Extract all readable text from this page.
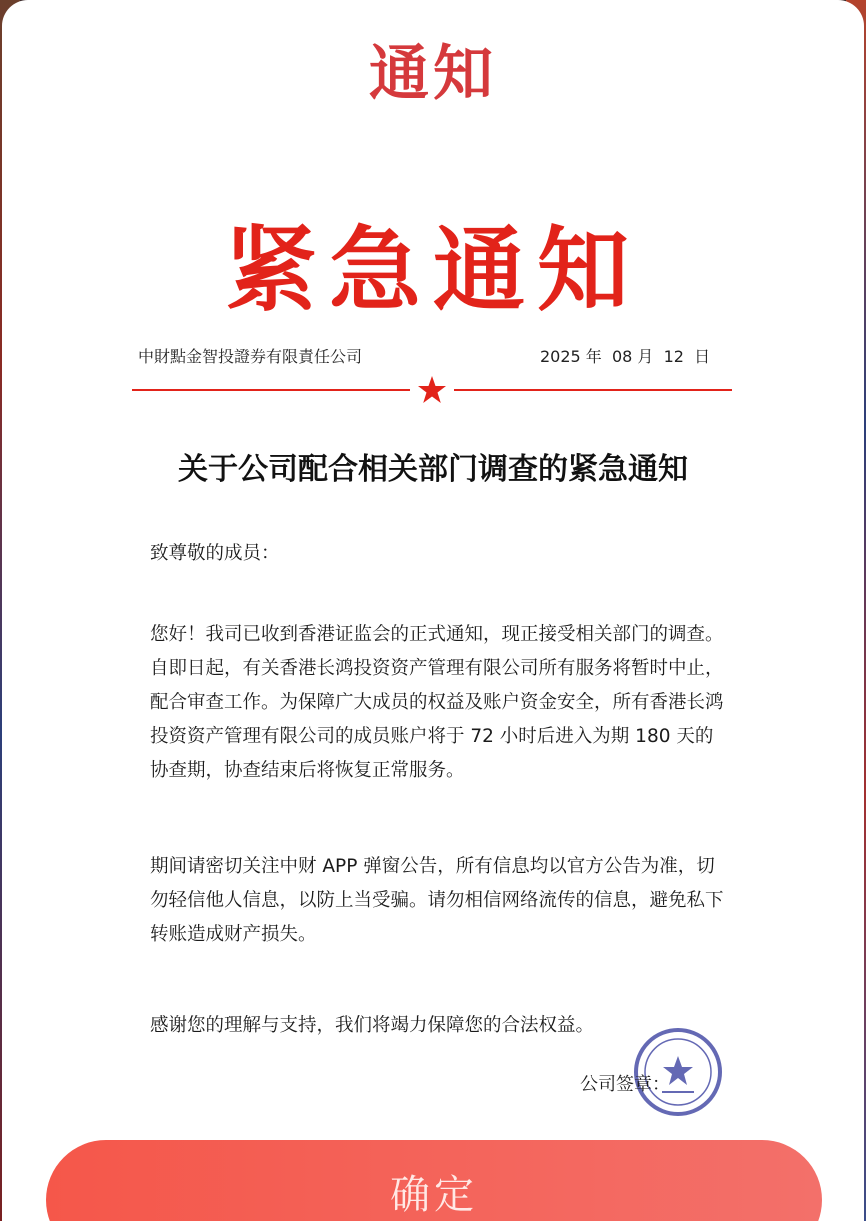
通知
紧急通知
中財點金智投證券有限責任公司	2025 年  08 月  12  日
关于公司配合相关部门调查的紧急通知
致尊敬的成员：
您好！我司已收到香港证监会的正式通知，现正接受相关部门的调查。自即日起，有关香港长鸿投资资产管理有限公司所有服务将暂时中止，配合审查工作。为保障广大成员的权益及账户资金安全，所有香港长鸿投资资产管理有限公司的成员账户将于 72 小时后进入为期 180 天的协查期，协查结束后将恢复正常服务。
期间请密切关注中财 APP 弹窗公告，所有信息均以官方公告为准，切勿轻信他人信息，以防上当受骗。请勿相信网络流传的信息，避免私下转账造成财产损失。
感谢您的理解与支持，我们将竭力保障您的合法权益。
公司签章：
确定
